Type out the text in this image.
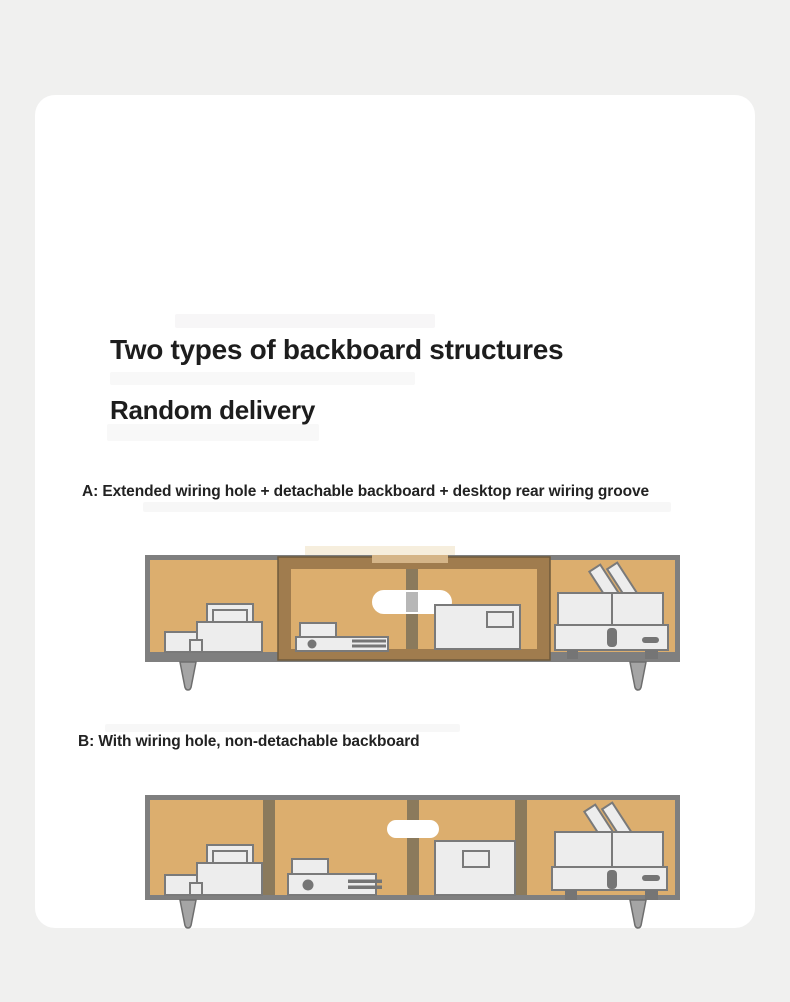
Two types of backboard structures
Random delivery

A: Extended wiring hole + detachable backboard + desktop rear wiring groove

B: With wiring hole, non-detachable backboard
